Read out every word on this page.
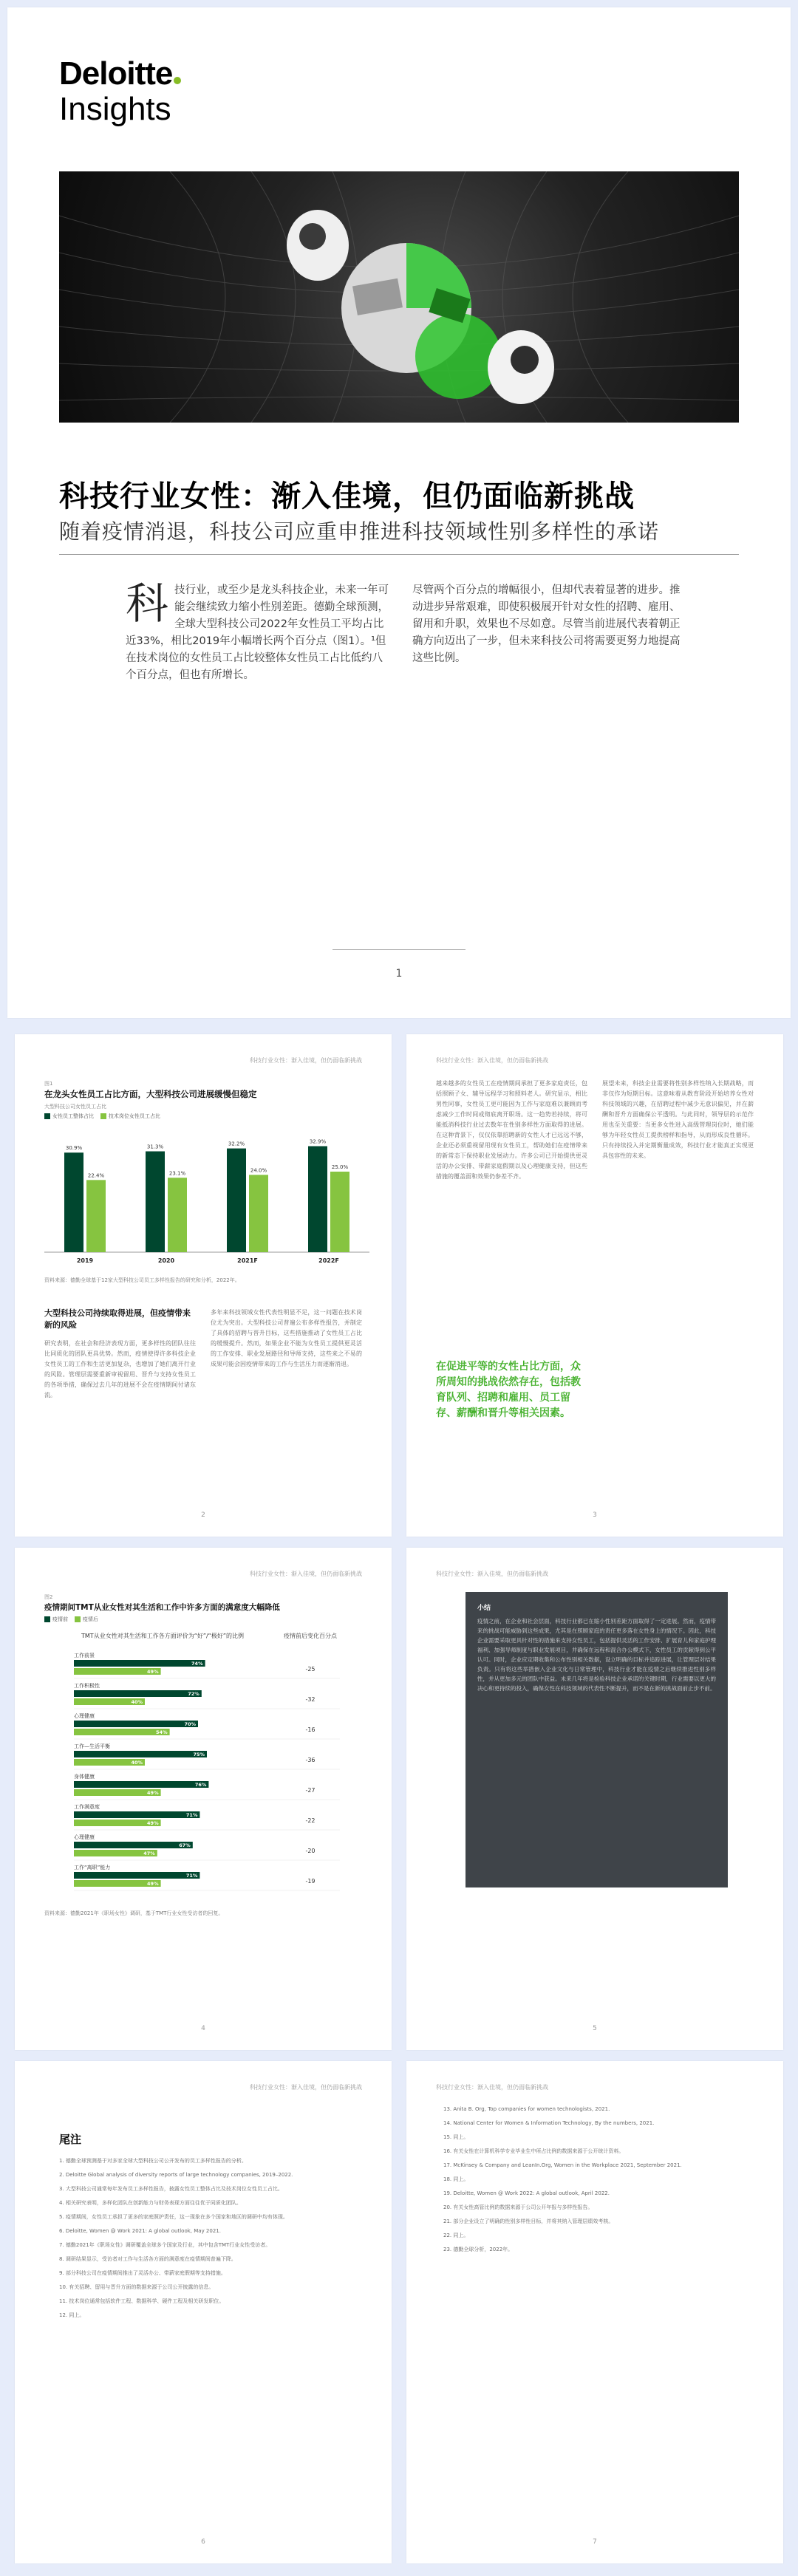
Deloitte
Insights
科技行业女性：渐入佳境，但仍面临新挑战
随着疫情消退，科技公司应重申推进科技领域性别多样性的承诺
科技行业，或至少是龙头科技企业，未来一年可能会继续致力缩小性别差距。德勤全球预测，全球大型科技公司2022年女性员工平均占比近33%，相比2019年小幅增长两个百分点（图1）。¹但在技术岗位的女性员工占比较整体女性员工占比低约八个百分点，但也有所增长。
尽管两个百分点的增幅很小，但却代表着显著的进步。推动进步异常艰难，即使积极展开针对女性的招聘、雇用、留用和升职，效果也不尽如意。尽管当前进展代表着朝正确方向迈出了一步，但未来科技公司将需要更努力地提高这些比例。
1
科技行业女性：渐入佳境，但仍面临新挑战
图1
在龙头女性员工占比方面，大型科技公司进展缓慢但稳定
大型科技公司女性员工占比
女性员工整体占比	技术岗位女性员工占比
30.9%
22.4%
2019
31.3%
23.1%
2020
32.2%
24.0%
2021F
32.9%
25.0%
2022F
资料来源：德勤全球基于12家大型科技公司员工多样性报告的研究和分析，2022年。
大型科技公司持续取得进展，但疫情带来新的风险
研究表明，在社会和经济表现方面，更多样性的团队往往比同质化的团队更具优势。然而，疫情使得许多科技企业女性员工的工作和生活更加复杂，也增加了她们离开行业的风险。管理层需要重新审视留用、晋升与支持女性员工的各项举措，确保过去几年的进展不会在疫情期间付诸东流。
多年来科技领域女性代表性明显不足，这一问题在技术岗位尤为突出。大型科技公司普遍公布多样性报告，并制定了具体的招聘与晋升目标，这些措施推动了女性员工占比的缓慢提升。然而，如果企业不能为女性员工提供更灵活的工作安排、职业发展路径和导师支持，这些来之不易的成果可能会因疫情带来的工作与生活压力而逐渐消退。
2
科技行业女性：渐入佳境，但仍面临新挑战
越来越多的女性员工在疫情期间承担了更多家庭责任，包括照顾子女、辅导远程学习和照料老人。研究显示，相比男性同事，女性员工更可能因为工作与家庭难以兼顾而考虑减少工作时间或彻底离开职场。这一趋势若持续，将可能抵消科技行业过去数年在性别多样性方面取得的进展。在这种背景下，仅仅依靠招聘新的女性人才已远远不够，企业还必须重视留用现有女性员工，帮助她们在疫情带来的新常态下保持职业发展动力。许多公司已开始提供更灵活的办公安排、带薪家庭假期以及心理健康支持，但这些措施的覆盖面和效果仍参差不齐。
在促进平等的女性占比方面，众所周知的挑战依然存在，包括教育队列、招聘和雇用、员工留存、薪酬和晋升等相关因素。
展望未来，科技企业需要将性别多样性纳入长期战略，而非仅作为短期目标。这意味着从教育阶段开始培养女性对科技领域的兴趣，在招聘过程中减少无意识偏见，并在薪酬和晋升方面确保公平透明。与此同时，领导层的示范作用也至关重要：当更多女性进入高级管理岗位时，她们能够为年轻女性员工提供榜样和指导，从而形成良性循环。只有持续投入并定期衡量成效，科技行业才能真正实现更具包容性的未来。
3
科技行业女性：渐入佳境，但仍面临新挑战
图2
疫情期间TMT从业女性对其生活和工作中许多方面的满意度大幅降低
疫情前	疫情后
TMT从业女性对其生活和工作各方面评价为“好”/“极好”的比例	疫情前后变化百分点
工作前景
74%
49%	-25
工作积极性
72%
40%	-32
心理健康
70%
54%	-16
工作—生活平衡
75%
40%	-36
身体健康
76%
49%	-27
工作满意度
71%
49%	-22
心理健康
67%
47%	-20
工作“离职”能力
71%
49%	-19
资料来源：德勤2021年《职场女性》调研，基于TMT行业女性受访者的回复。
4
科技行业女性：渐入佳境，但仍面临新挑战
小结
疫情之前，在企业和社会层面，科技行业都已在缩小性别差距方面取得了一定进展。然而，疫情带来的挑战可能威胁到这些成果，尤其是在照顾家庭的责任更多落在女性身上的情况下。因此，科技企业需要采取更具针对性的措施来支持女性员工，包括提供灵活的工作安排、扩展育儿和家庭护理福利、加强导师制度与职业发展项目，并确保在远程和混合办公模式下，女性员工的贡献得到公平认可。同时，企业应定期收集和公布性别相关数据，设立明确的目标并追踪进展，让管理层对结果负责。只有将这些举措嵌入企业文化与日常管理中，科技行业才能在疫情之后继续推进性别多样性，并从更加多元的团队中获益。未来几年将是检验科技企业承诺的关键时期，行业需要以更大的决心和更持续的投入，确保女性在科技领域的代表性不断提升，而不是在新的挑战面前止步不前。
5
科技行业女性：渐入佳境，但仍面临新挑战
尾注
1. 德勤全球预测基于对多家全球大型科技公司公开发布的员工多样性报告的分析。
2. Deloitte Global analysis of diversity reports of large technology companies, 2019–2022.
3. 大型科技公司通常每年发布员工多样性报告，披露女性员工整体占比及技术岗位女性员工占比。
4. 相关研究表明，多样化团队在创新能力与财务表现方面往往优于同质化团队。
5. 疫情期间，女性员工承担了更多的家庭照护责任，这一现象在多个国家和地区的调研中均有体现。
6. Deloitte, Women @ Work 2021: A global outlook, May 2021.
7. 德勤2021年《职场女性》调研覆盖全球多个国家及行业，其中包含TMT行业女性受访者。
8. 调研结果显示，受访者对工作与生活各方面的满意度在疫情期间普遍下降。
9. 部分科技公司在疫情期间推出了灵活办公、带薪家庭假期等支持措施。
10. 有关招聘、留用与晋升方面的数据来源于公司公开披露的信息。
11. 技术岗位通常包括软件工程、数据科学、硬件工程及相关研发职位。
12. 同上。
6
科技行业女性：渐入佳境，但仍面临新挑战
13. Anita B. Org, Top companies for women technologists, 2021.
14. National Center for Women & Information Technology, By the numbers, 2021.
15. 同上。
16. 有关女性在计算机科学专业毕业生中所占比例的数据来源于公开统计资料。
17. McKinsey & Company and LeanIn.Org, Women in the Workplace 2021, September 2021.
18. 同上。
19. Deloitte, Women @ Work 2022: A global outlook, April 2022.
20. 有关女性高管比例的数据来源于公司公开年报与多样性报告。
21. 部分企业设立了明确的性别多样性目标，并将其纳入管理层绩效考核。
22. 同上。
23. 德勤全球分析，2022年。
7
